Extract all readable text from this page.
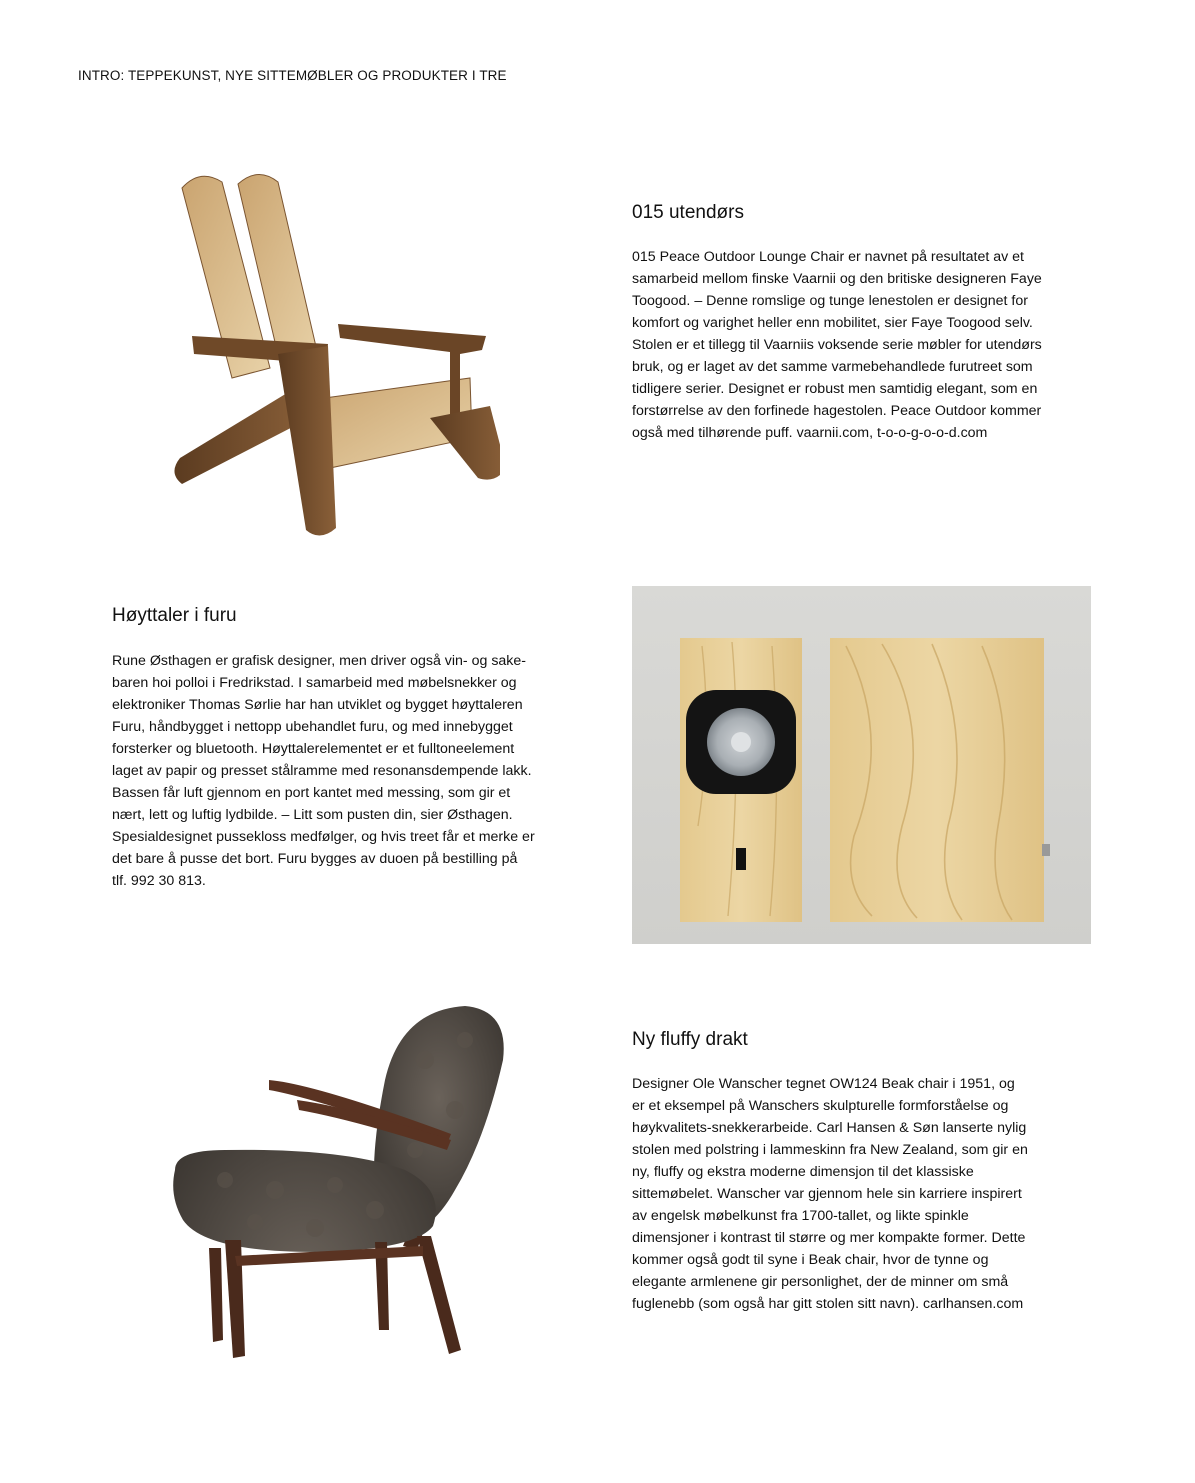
INTRO: TEPPEKUNST, NYE SITTEMØBLER OG PRODUKTER I TRE
015 utendørs

015 Peace Outdoor Lounge Chair er navnet på resultatet av et
samarbeid mellom finske Vaarnii og den britiske designeren Faye
Toogood. – Denne romslige og tunge lenestolen er designet for
komfort og varighet heller enn mobilitet, sier Faye Toogood selv.
Stolen er et tillegg til Vaarniis voksende serie møbler for utendørs
bruk, og er laget av det samme varmebehandlede furutreet som
tidligere serier. Designet er robust men samtidig elegant, som en
forstørrelse av den forfinede hagestolen. Peace Outdoor kommer
også med tilhørende puff. vaarnii.com, t-o-o-g-o-o-d.com

Høyttaler i furu

Rune Østhagen er grafisk designer, men driver også vin- og sake-
baren hoi polloi i Fredrikstad. I samarbeid med møbelsnekker og
elektroniker Thomas Sørlie har han utviklet og bygget høyttaleren
Furu, håndbygget i nettopp ubehandlet furu, og med innebygget
forsterker og bluetooth. Høyttalerelementet er et fulltoneelement
laget av papir og presset stålramme med resonansdempende lakk.
Bassen får luft gjennom en port kantet med messing, som gir et
nært, lett og luftig lydbilde. – Litt som pusten din, sier Østhagen.
Spesialdesignet pussekloss medfølger, og hvis treet får et merke er
det bare å pusse det bort. Furu bygges av duoen på bestilling på
tlf. 992 30 813.

Ny fluffy drakt

Designer Ole Wanscher tegnet OW124 Beak chair i 1951, og
er et eksempel på Wanschers skulpturelle formforståelse og
høykvalitets-snekkerarbeide. Carl Hansen & Søn lanserte nylig
stolen med polstring i lammeskinn fra New Zealand, som gir en
ny, fluffy og ekstra moderne dimensjon til det klassiske
sittemøbelet. Wanscher var gjennom hele sin karriere inspirert
av engelsk møbelkunst fra 1700-tallet, og likte spinkle
dimensjoner i kontrast til større og mer kompakte former. Dette
kommer også godt til syne i Beak chair, hvor de tynne og
elegante armlenene gir personlighet, der de minner om små
fuglenebb (som også har gitt stolen sitt navn). carlhansen.com
